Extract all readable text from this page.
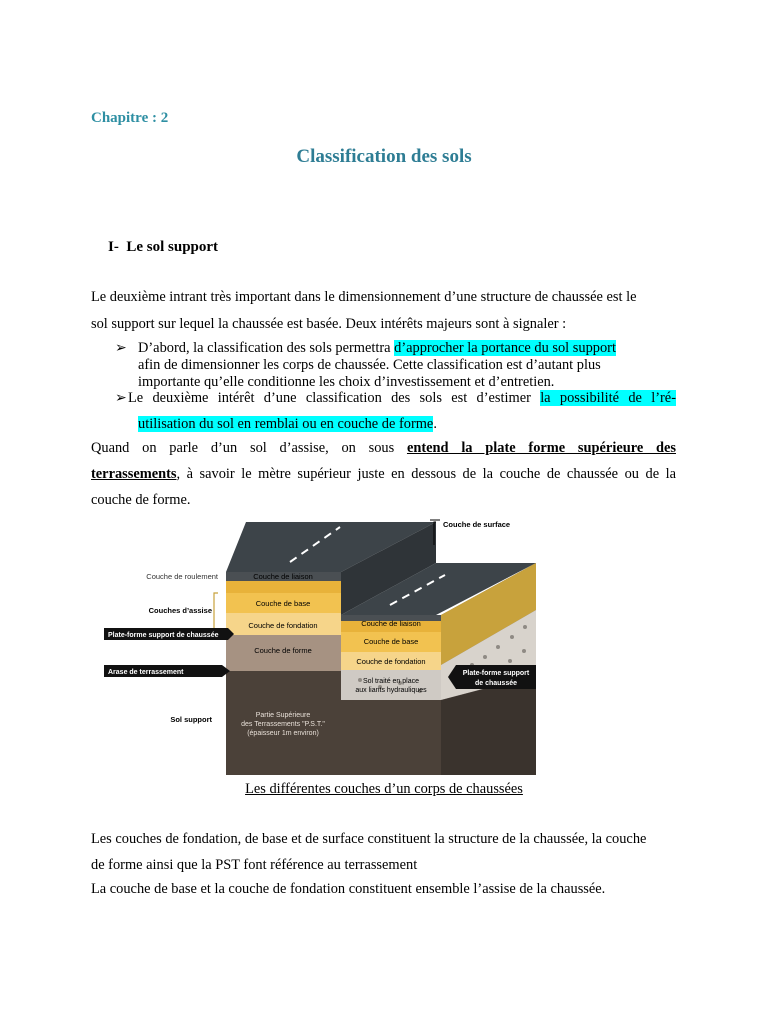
Chapitre : 2
Classification des sols
I- Le sol support
Le deuxième intrant très important dans le dimensionnement d’une structure de chaussée est le
sol support sur lequel la chaussée est basée. Deux intérêts majeurs sont à signaler :
➢ D’abord, la classification des sols permettra d’approcher la portance du sol support
afin de dimensionner les corps de chaussée. Cette classification est d’autant plus
importante qu’elle conditionne les choix d’investissement et d’entretien.
➢ Le deuxième intérêt d’une classification des sols est d’estimer la possibilité de l’ré-
utilisation du sol en remblai ou en couche de forme.
Quand on parle d’un sol d’assise, on sous entend la plate forme supérieure des
terrassements, à savoir le mètre supérieur juste en dessous de la couche de chaussée ou de la
couche de forme.
Couche de liaison
Couche de base
Couche de fondation
Couche de forme
Partie Supérieure
des Terrassements "P.S.T."
(épaisseur 1m environ)
Couche de liaison
Couche de base
Couche de fondation
Sol traité en place
aux liants hydrauliques
Couche de roulement
Couches d’assise
Plate-forme support de chaussée
Arase de terrassement
Sol support
Couche de surface
Plate-forme support
de chaussée
Les différentes couches d’un corps de chaussées
Les couches de fondation, de base et de surface constituent la structure de la chaussée, la couche
de forme ainsi que la PST font référence au terrassement
La couche de base et la couche de fondation constituent ensemble l’assise de la chaussée.
